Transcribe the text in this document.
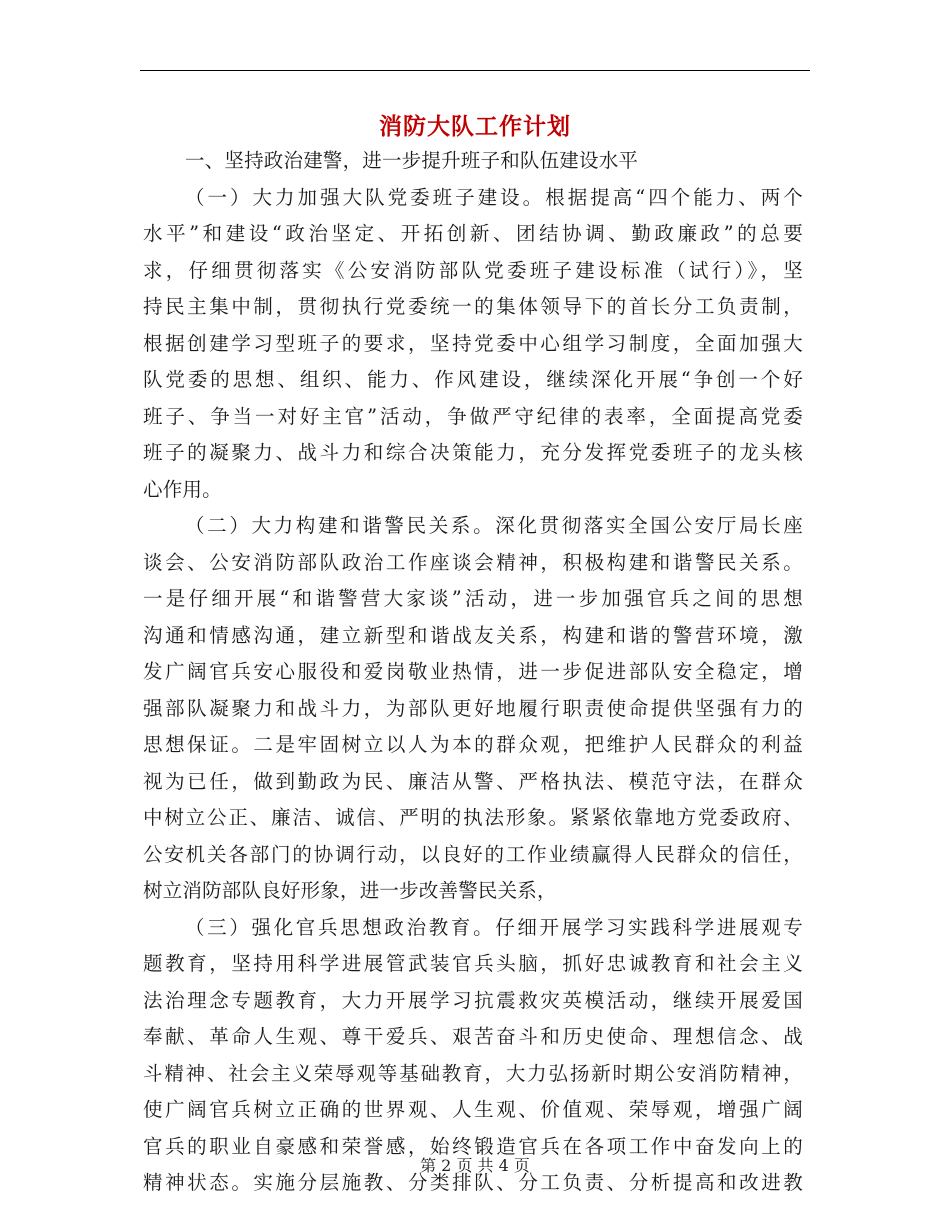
消防大队工作计划
一、坚持政治建警，进一步提升班子和队伍建设水平
（一）大力加强大队党委班子建设。根据提高“四个能力、两个
水平”和建设“政治坚定、开拓创新、团结协调、勤政廉政”的总要
求，仔细贯彻落实《公安消防部队党委班子建设标准（试行）》，坚
持民主集中制，贯彻执行党委统一的集体领导下的首长分工负责制，
根据创建学习型班子的要求，坚持党委中心组学习制度，全面加强大
队党委的思想、组织、能力、作风建设，继续深化开展“争创一个好
班子、争当一对好主官”活动，争做严守纪律的表率，全面提高党委
班子的凝聚力、战斗力和综合决策能力，充分发挥党委班子的龙头核
心作用。
（二）大力构建和谐警民关系。深化贯彻落实全国公安厅局长座
谈会、公安消防部队政治工作座谈会精神，积极构建和谐警民关系。
一是仔细开展“和谐警营大家谈”活动，进一步加强官兵之间的思想
沟通和情感沟通，建立新型和谐战友关系，构建和谐的警营环境，激
发广阔官兵安心服役和爱岗敬业热情，进一步促进部队安全稳定，增
强部队凝聚力和战斗力，为部队更好地履行职责使命提供坚强有力的
思想保证。二是牢固树立以人为本的群众观，把维护人民群众的利益
视为已任，做到勤政为民、廉洁从警、严格执法、模范守法，在群众
中树立公正、廉洁、诚信、严明的执法形象。紧紧依靠地方党委政府、
公安机关各部门的协调行动，以良好的工作业绩赢得人民群众的信任，
树立消防部队良好形象，进一步改善警民关系，
（三）强化官兵思想政治教育。仔细开展学习实践科学进展观专
题教育，坚持用科学进展管武装官兵头脑，抓好忠诚教育和社会主义
法治理念专题教育，大力开展学习抗震救灾英模活动，继续开展爱国
奉献、革命人生观、尊干爱兵、艰苦奋斗和历史使命、理想信念、战
斗精神、社会主义荣辱观等基础教育，大力弘扬新时期公安消防精神，
使广阔官兵树立正确的世界观、人生观、价值观、荣辱观，增强广阔
官兵的职业自豪感和荣誉感，始终锻造官兵在各项工作中奋发向上的
精神状态。实施分层施教、分类排队、分工负责、分析提高和改进教
第 2 页 共 4 页
